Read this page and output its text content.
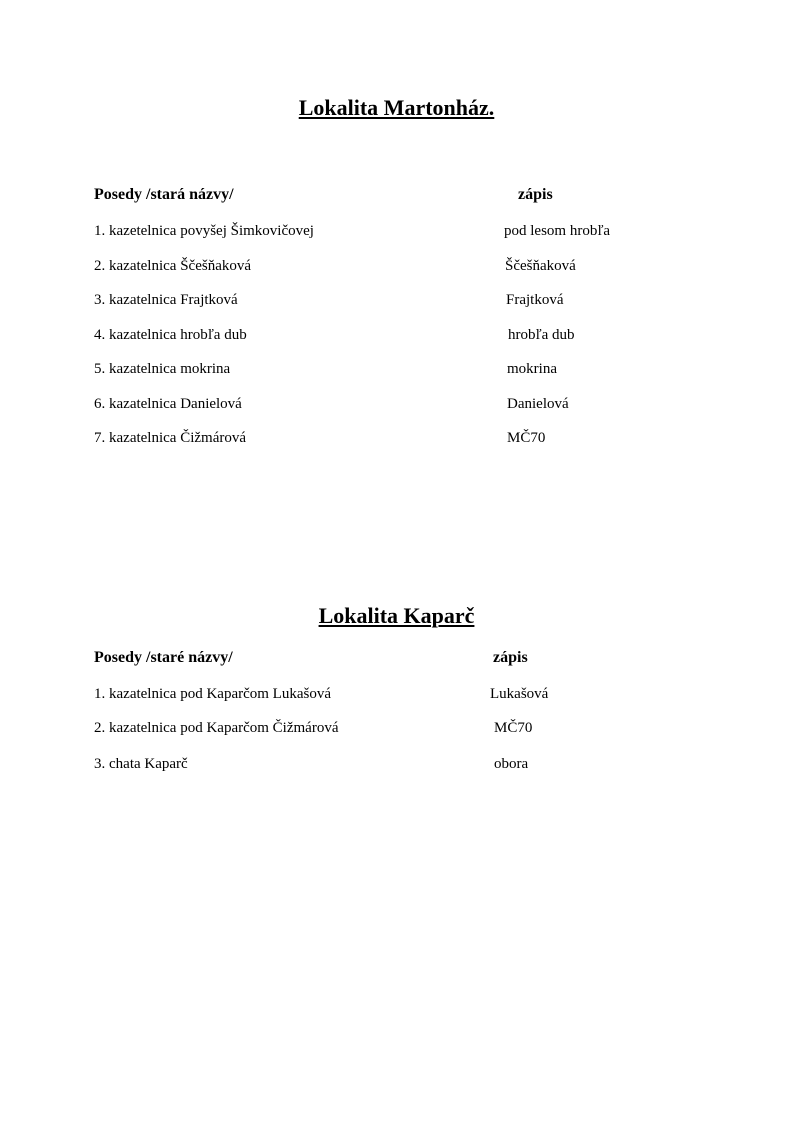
Lokalita Martonház.
Posedy /stará názvy/	zápis
1. kazetelnica povyšej Šimkovičovej	pod lesom hrobľa
2. kazatelnica Ščešňaková	Ščešňaková
3. kazatelnica Frajtková	Frajtková
4. kazatelnica hrobľa dub	hrobľa dub
5. kazatelnica mokrina	mokrina
6. kazatelnica Danielová	Danielová
7. kazatelnica Čižmárová	MČ70
Lokalita Kaparč
Posedy /staré názvy/	zápis
1. kazatelnica pod Kaparčom Lukašová	Lukašová
2. kazatelnica pod Kaparčom Čižmárová	MČ70
3. chata Kaparč	obora
